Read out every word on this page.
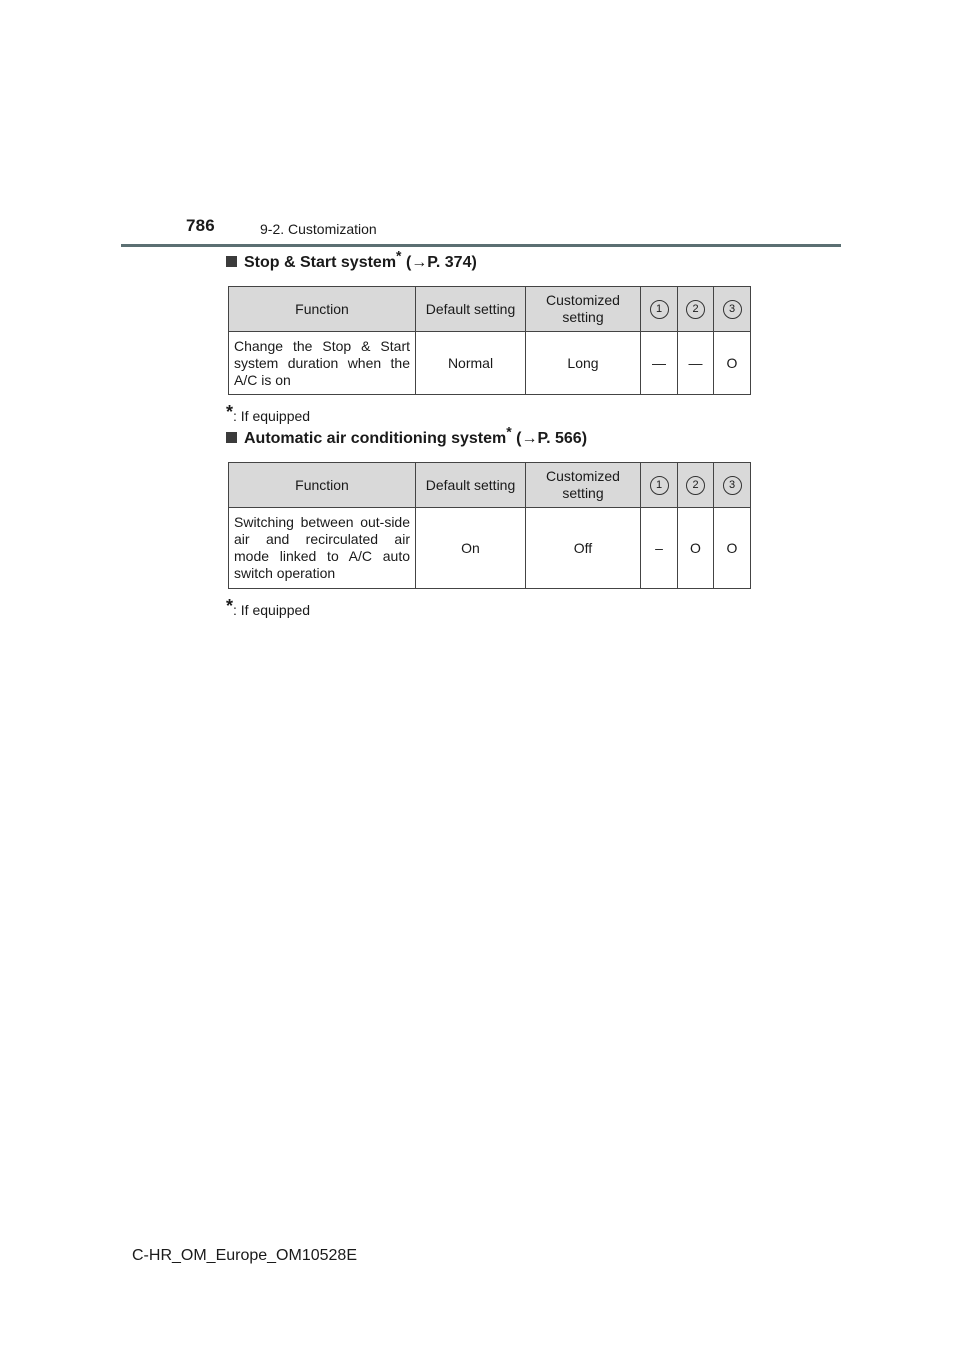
786	9-2. Customization
Stop & Start system* (→P. 374)
Function	Default setting	Customized setting	1	2	3
Change the Stop & Start system duration when the A/C is on	Normal	Long	—	—	O
*: If equipped
Automatic air conditioning system* (→P. 566)
Function	Default setting	Customized setting	1	2	3
Switching between out-side air and recirculated air mode linked to A/C auto switch operation	On	Off	–	O	O
*: If equipped
C-HR_OM_Europe_OM10528E
